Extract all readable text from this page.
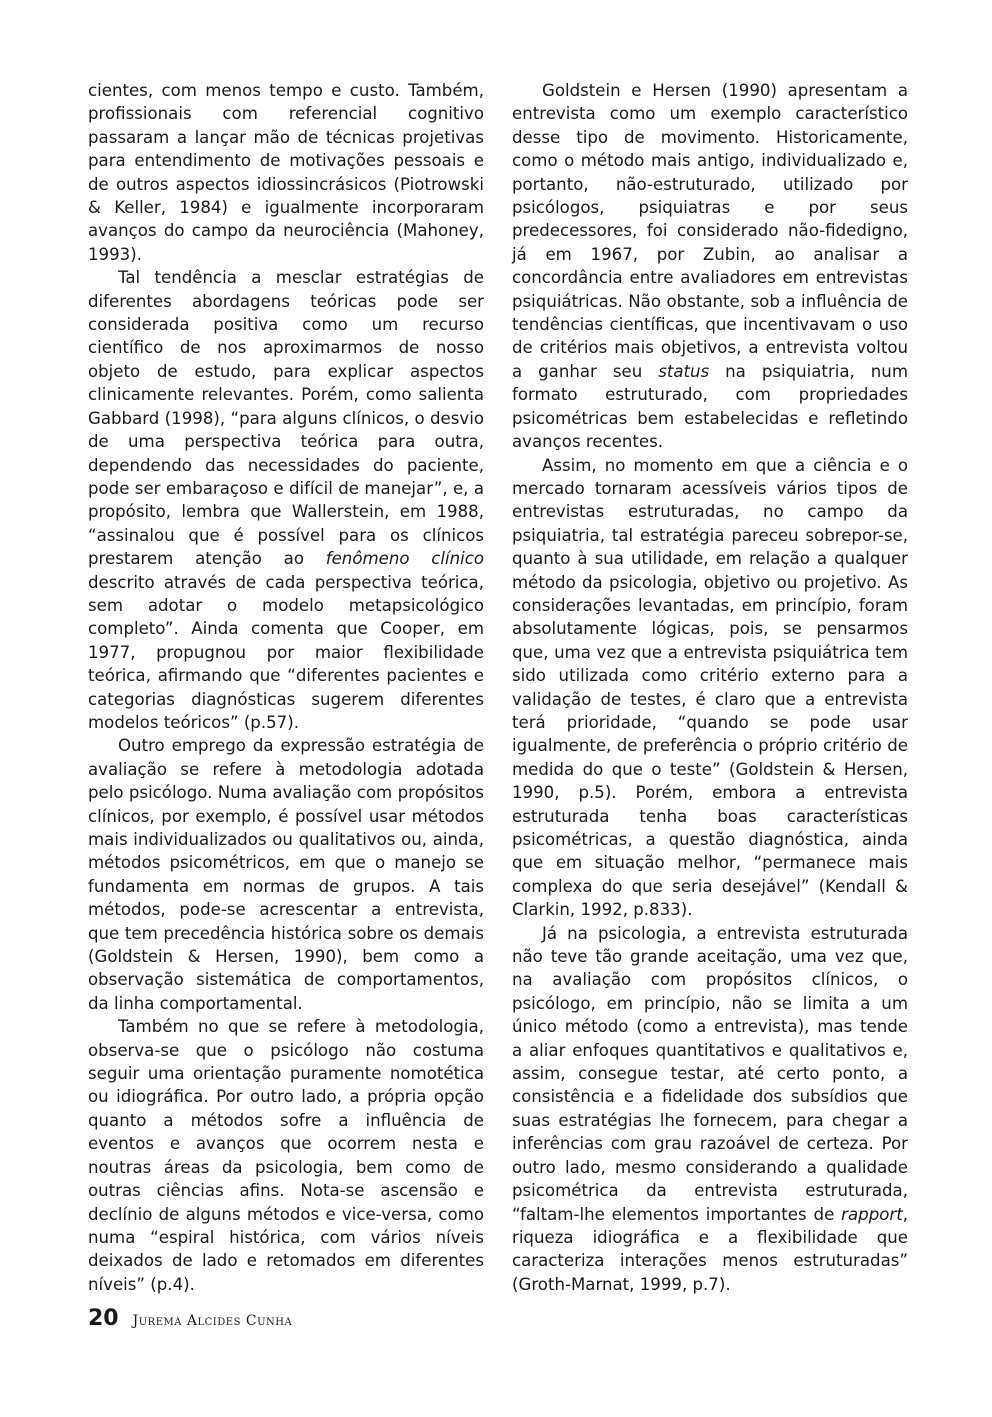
cientes, com menos tempo e custo. Também, profissionais com referencial cognitivo passaram a lançar mão de técnicas projetivas para entendimento de motivações pessoais e de outros aspectos idiossincrásicos (Piotrowski & Keller, 1984) e igualmente incorporaram avanços do campo da neurociência (Mahoney, 1993).

Tal tendência a mesclar estratégias de diferentes abordagens teóricas pode ser considerada positiva como um recurso científico de nos aproximarmos de nosso objeto de estudo, para explicar aspectos clinicamente relevantes. Porém, como salienta Gabbard (1998), “para alguns clínicos, o desvio de uma perspectiva teórica para outra, dependendo das necessidades do paciente, pode ser embaraçoso e difícil de manejar”, e, a propósito, lembra que Wallerstein, em 1988, “assinalou que é possível para os clínicos prestarem atenção ao fenômeno clínico descrito através de cada perspectiva teórica, sem adotar o modelo metapsicológico completo”. Ainda comenta que Cooper, em 1977, propugnou por maior flexibilidade teórica, afirmando que “diferentes pacientes e categorias diagnósticas sugerem diferentes modelos teóricos” (p.57).

Outro emprego da expressão estratégia de avaliação se refere à metodologia adotada pelo psicólogo. Numa avaliação com propósitos clínicos, por exemplo, é possível usar métodos mais individualizados ou qualitativos ou, ainda, métodos psicométricos, em que o manejo se fundamenta em normas de grupos. A tais métodos, pode-se acrescentar a entrevista, que tem precedência histórica sobre os demais (Goldstein & Hersen, 1990), bem como a observação sistemática de comportamentos, da linha comportamental.

Também no que se refere à metodologia, observa-se que o psicólogo não costuma seguir uma orientação puramente nomotética ou idiográfica. Por outro lado, a própria opção quanto a métodos sofre a influência de eventos e avanços que ocorrem nesta e noutras áreas da psicologia, bem como de outras ciências afins. Nota-se ascensão e declínio de alguns métodos e vice-versa, como numa “espiral histórica, com vários níveis deixados de lado e retomados em diferentes níveis” (p.4).

Goldstein e Hersen (1990) apresentam a entrevista como um exemplo característico desse tipo de movimento. Historicamente, como o método mais antigo, individualizado e, portanto, não-estruturado, utilizado por psicólogos, psiquiatras e por seus predecessores, foi considerado não-fidedigno, já em 1967, por Zubin, ao analisar a concordância entre avaliadores em entrevistas psiquiátricas. Não obstante, sob a influência de tendências científicas, que incentivavam o uso de critérios mais objetivos, a entrevista voltou a ganhar seu status na psiquiatria, num formato estruturado, com propriedades psicométricas bem estabelecidas e refletindo avanços recentes.

Assim, no momento em que a ciência e o mercado tornaram acessíveis vários tipos de entrevistas estruturadas, no campo da psiquiatria, tal estratégia pareceu sobrepor-se, quanto à sua utilidade, em relação a qualquer método da psicologia, objetivo ou projetivo. As considerações levantadas, em princípio, foram absolutamente lógicas, pois, se pensarmos que, uma vez que a entrevista psiquiátrica tem sido utilizada como critério externo para a validação de testes, é claro que a entrevista terá prioridade, “quando se pode usar igualmente, de preferência o próprio critério de medida do que o teste” (Goldstein & Hersen, 1990, p.5). Porém, embora a entrevista estruturada tenha boas características psicométricas, a questão diagnóstica, ainda que em situação melhor, “permanece mais complexa do que seria desejável” (Kendall & Clarkin, 1992, p.833).

Já na psicologia, a entrevista estruturada não teve tão grande aceitação, uma vez que, na avaliação com propósitos clínicos, o psicólogo, em princípio, não se limita a um único método (como a entrevista), mas tende a aliar enfoques quantitativos e qualitativos e, assim, consegue testar, até certo ponto, a consistência e a fidelidade dos subsídios que suas estratégias lhe fornecem, para chegar a inferências com grau razoável de certeza. Por outro lado, mesmo considerando a qualidade psicométrica da entrevista estruturada, “faltam-lhe elementos importantes de rapport, riqueza idiográfica e a flexibilidade que caracteriza interações menos estruturadas” (Groth-Marnat, 1999, p.7).

20 Jurema Alcides Cunha
